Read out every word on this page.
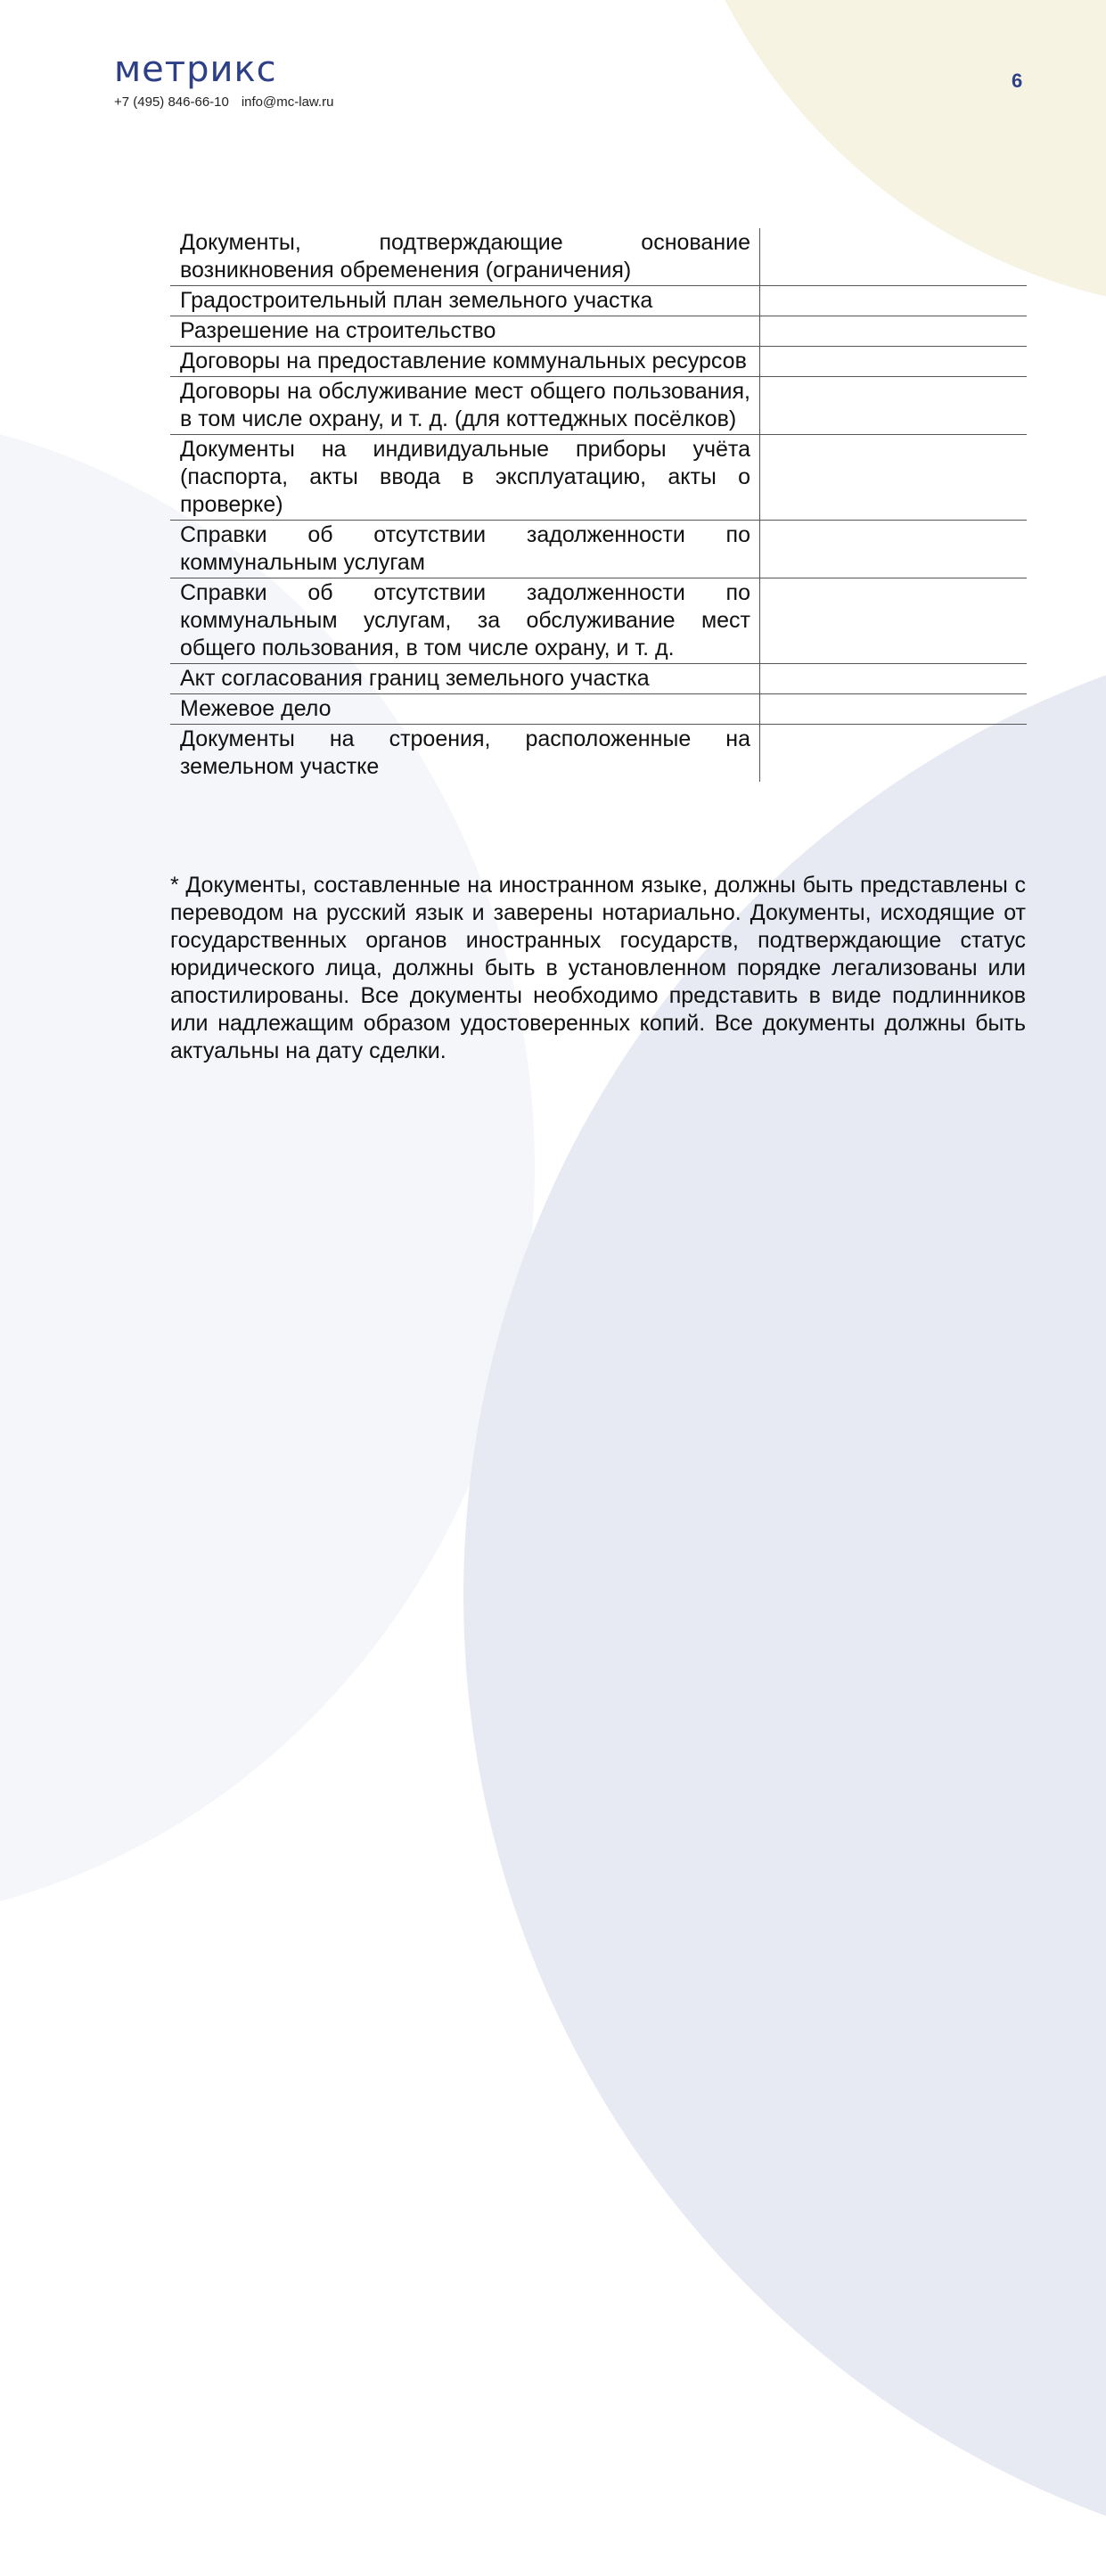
метрикс
+7 (495) 846-66-10 info@mc-law.ru
6
Документы, подтверждающие основание возникновения обременения (ограничения)	
Градостроительный план земельного участка	
Разрешение на строительство	
Договоры на предоставление коммунальных ресурсов	
Договоры на обслуживание мест общего пользования, в том числе охрану, и т. д. (для коттеджных посёлков)	
Документы на индивидуальные приборы учёта (паспорта, акты ввода в эксплуатацию, акты о проверке)	
Справки об отсутствии задолженности по коммунальным услугам	
Справки об отсутствии задолженности по коммунальным услугам, за обслуживание мест общего пользования, в том числе охрану, и т. д.	
Акт согласования границ земельного участка	
Межевое дело	
Документы на строения, расположенные на земельном участке	

* Документы, составленные на иностранном языке, должны быть представлены с переводом на русский язык и заверены нотариально. Документы, исходящие от государственных органов иностранных государств, подтверждающие статус юридического лица, должны быть в установленном порядке легализованы или апостилированы. Все документы необходимо представить в виде подлинников или надлежащим образом удостоверенных копий. Все документы должны быть актуальны на дату сделки.
